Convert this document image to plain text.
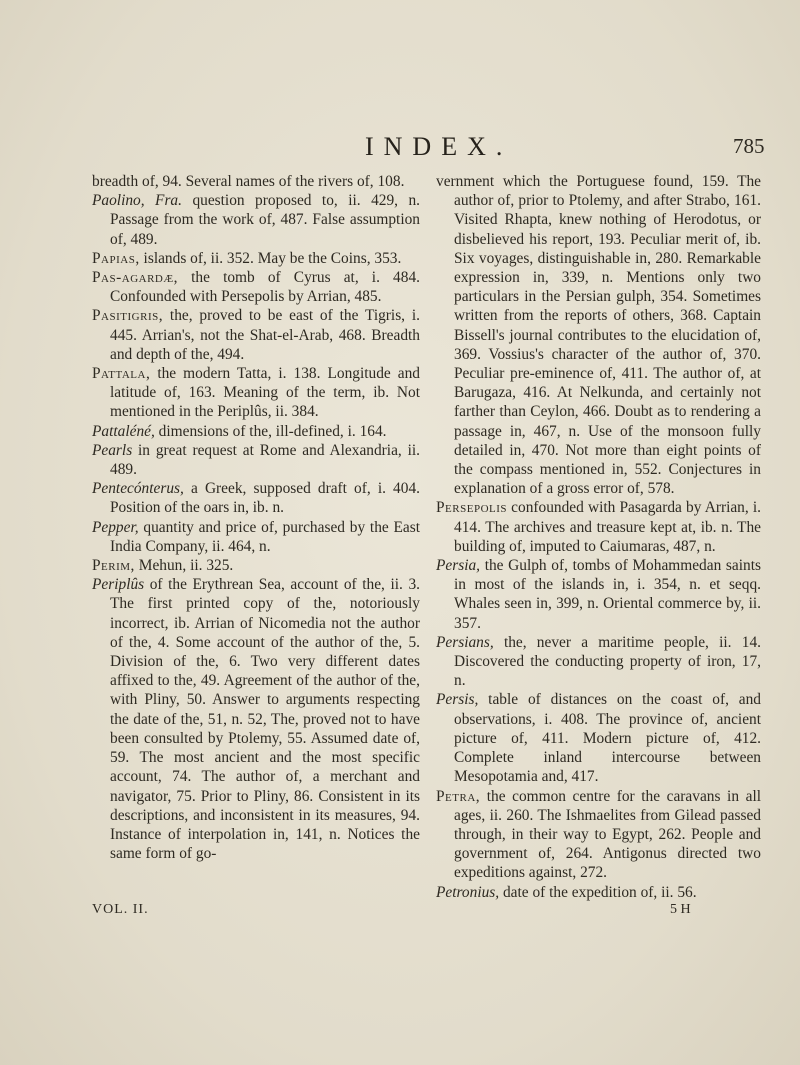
INDEX.	785

breadth of, 94. Several names of the rivers of, 108.

Paolino, Fra. question proposed to, ii. 429, n. Passage from the work of, 487. False assumption of, 489.

Papias, islands of, ii. 352. May be the Coins, 353.

Pas-agardæ, the tomb of Cyrus at, i. 484. Confounded with Persepolis by Arrian, 485.

Pasitigris, the, proved to be east of the Tigris, i. 445. Arrian's, not the Shat-el-Arab, 468. Breadth and depth of the, 494.

Pattala, the modern Tatta, i. 138. Longitude and latitude of, 163. Meaning of the term, ib. Not mentioned in the Periplûs, ii. 384.

Pattaléné, dimensions of the, ill-defined, i. 164.

Pearls in great request at Rome and Alexandria, ii. 489.

Pentecónterus, a Greek, supposed draft of, i. 404. Position of the oars in, ib. n.

Pepper, quantity and price of, purchased by the East India Company, ii. 464, n.

Perim, Mehun, ii. 325.

Periplûs of the Erythrean Sea, account of the, ii. 3. The first printed copy of the, notoriously incorrect, ib. Arrian of Nicomedia not the author of the, 4. Some account of the author of the, 5. Division of the, 6. Two very different dates affixed to the, 49. Agreement of the author of the, with Pliny, 50. Answer to arguments respecting the date of the, 51, n. 52, The, proved not to have been consulted by Ptolemy, 55. Assumed date of, 59. The most ancient and the most specific account, 74. The author of, a merchant and navigator, 75. Prior to Pliny, 86. Consistent in its descriptions, and inconsistent in its measures, 94. Instance of interpolation in, 141, n. Notices the same form of go-

vernment which the Portuguese found, 159. The author of, prior to Ptolemy, and after Strabo, 161. Visited Rhapta, knew nothing of Herodotus, or disbelieved his report, 193. Peculiar merit of, ib. Six voyages, distinguishable in, 280. Remarkable expression in, 339, n. Mentions only two particulars in the Persian gulph, 354. Sometimes written from the reports of others, 368. Captain Bissell's journal contributes to the elucidation of, 369. Vossius's character of the author of, 370. Peculiar pre-eminence of, 411. The author of, at Barugaza, 416. At Nelkunda, and certainly not farther than Ceylon, 466. Doubt as to rendering a passage in, 467, n. Use of the monsoon fully detailed in, 470. Not more than eight points of the compass mentioned in, 552. Conjectures in explanation of a gross error of, 578.

Persepolis confounded with Pasagarda by Arrian, i. 414. The archives and treasure kept at, ib. n. The building of, imputed to Caiumaras, 487, n.

Persia, the Gulph of, tombs of Mohammedan saints in most of the islands in, i. 354, n. et seqq. Whales seen in, 399, n. Oriental commerce by, ii. 357.

Persians, the, never a maritime people, ii. 14. Discovered the conducting property of iron, 17, n.

Persis, table of distances on the coast of, and observations, i. 408. The province of, ancient picture of, 411. Modern picture of, 412. Complete inland intercourse between Mesopotamia and, 417.

Petra, the common centre for the caravans in all ages, ii. 260. The Ishmaelites from Gilead passed through, in their way to Egypt, 262. People and government of, 264. Antigonus directed two expeditions against, 272.

Petronius, date of the expedition of, ii. 56.

VOL. II.	5 H
